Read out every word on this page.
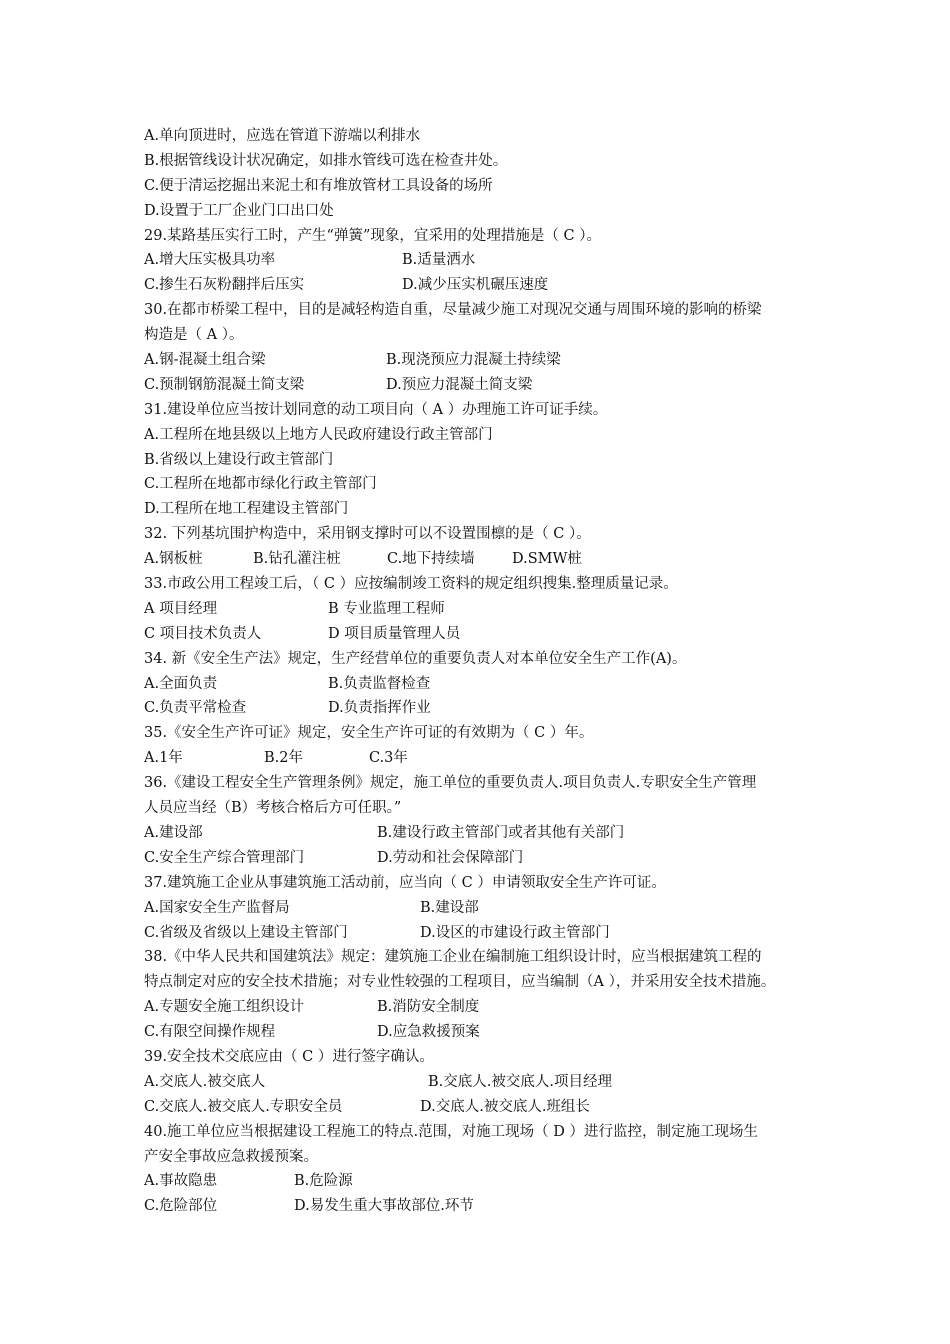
A.单向顶进时，应选在管道下游端以利排水
B.根据管线设计状况确定，如排水管线可选在检查井处。
C.便于清运挖掘出来泥土和有堆放管材工具设备的场所
D.设置于工厂企业门口出口处
29.某路基压实行工时，产生“弹簧”现象，宜采用的处理措施是（ C ）。
A.增大压实极具功率	B.适量洒水
C.掺生石灰粉翻拌后压实	D.减少压实机碾压速度
30.在都市桥梁工程中，目的是减轻构造自重，尽量减少施工对现况交通与周围环境的影响的桥梁
构造是（ A ）。
A.钢-混凝土组合梁	B.现浇预应力混凝土持续梁
C.预制钢筋混凝土简支梁	D.预应力混凝土简支梁
31.建设单位应当按计划同意的动工项目向（ A ）办理施工许可证手续。
A.工程所在地县级以上地方人民政府建设行政主管部门
B.省级以上建设行政主管部门
C.工程所在地都市绿化行政主管部门
D.工程所在地工程建设主管部门
32. 下列基坑围护构造中，采用钢支撑时可以不设置围檩的是（ C ）。
A.钢板桩	B.钻孔灌注桩	C.地下持续墙	D.SMW桩
33.市政公用工程竣工后，（ C ）应按编制竣工资料的规定组织搜集.整理质量记录。
A 项目经理	B 专业监理工程师
C 项目技术负责人	D 项目质量管理人员
34. 新《安全生产法》规定，生产经营单位的重要负责人对本单位安全生产工作(A)。
A.全面负责	B.负责监督检查
C.负责平常检查	D.负责指挥作业
35.《安全生产许可证》规定，安全生产许可证的有效期为（ C ）年。
A.1年	B.2年	C.3年
36.《建设工程安全生产管理条例》规定，施工单位的重要负责人.项目负责人.专职安全生产管理
人员应当经（B）考核合格后方可任职。”
A.建设部	B.建设行政主管部门或者其他有关部门
C.安全生产综合管理部门	D.劳动和社会保障部门
37.建筑施工企业从事建筑施工活动前，应当向（ C ）申请领取安全生产许可证。
A.国家安全生产监督局	B.建设部
C.省级及省级以上建设主管部门	D.设区的市建设行政主管部门
38.《中华人民共和国建筑法》规定：建筑施工企业在编制施工组织设计时，应当根据建筑工程的
特点制定对应的安全技术措施；对专业性较强的工程项目，应当编制（A ），并采用安全技术措施。
A.专题安全施工组织设计	B.消防安全制度
C.有限空间操作规程	D.应急救援预案
39.安全技术交底应由（ C ）进行签字确认。
A.交底人.被交底人	B.交底人.被交底人.项目经理
C.交底人.被交底人.专职安全员	D.交底人.被交底人.班组长
40.施工单位应当根据建设工程施工的特点.范围，对施工现场（ D ）进行监控，制定施工现场生
产安全事故应急救援预案。
A.事故隐患	B.危险源
C.危险部位	D.易发生重大事故部位.环节
